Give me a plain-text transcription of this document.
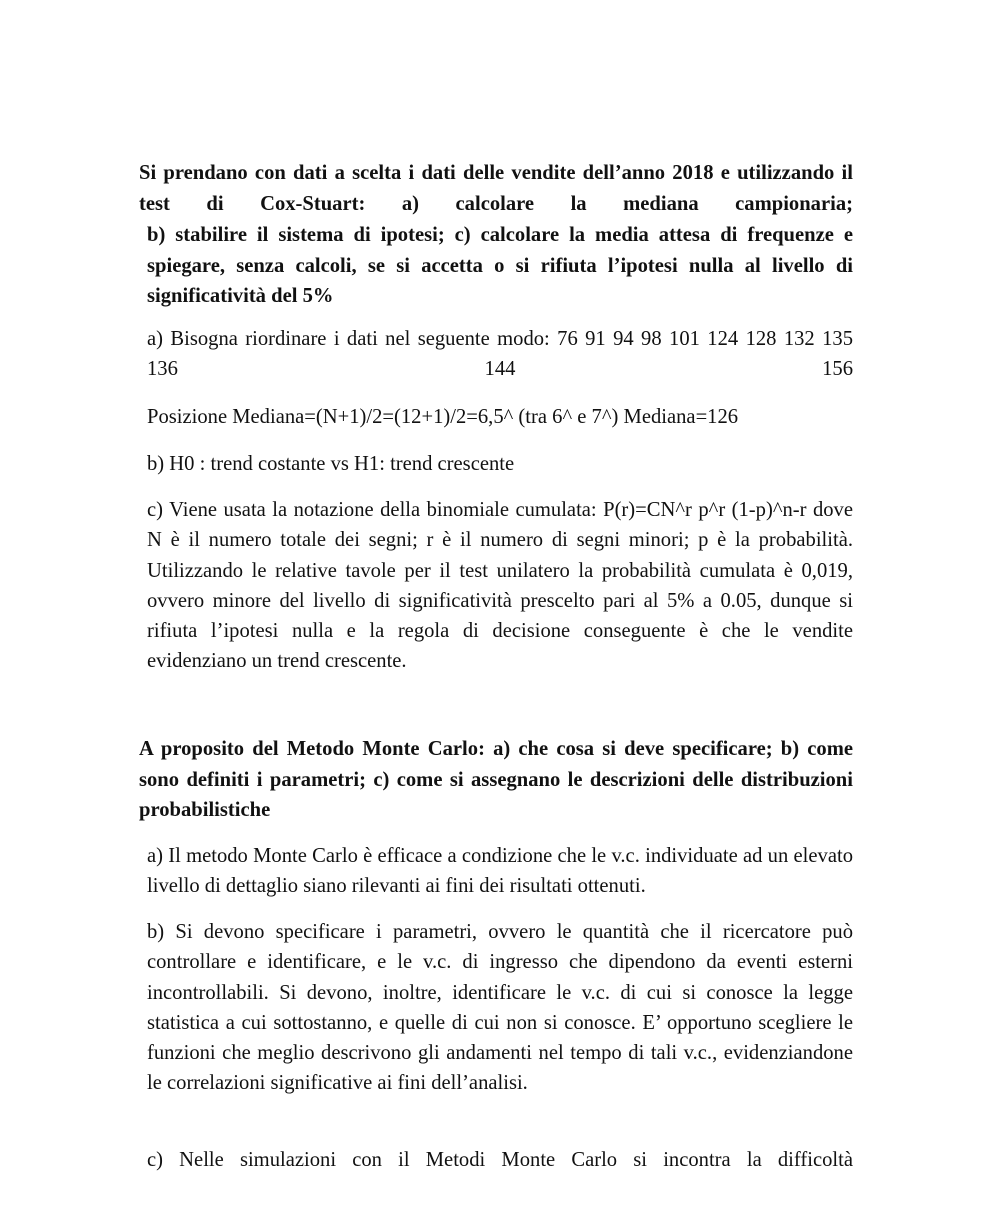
Si prendano con dati a scelta i dati delle vendite dell’anno 2018 e utilizzando il test di Cox-Stuart: a) calcolare la mediana campionaria;

b) stabilire il sistema di ipotesi; c) calcolare la media attesa di frequenze e spiegare, senza calcoli, se si accetta o si rifiuta l’ipotesi nulla al livello di significatività del 5%

a) Bisogna riordinare i dati nel seguente modo: 76 91 94 98 101 124 128 132 135 136 144 156

Posizione Mediana=(N+1)/2=(12+1)/2=6,5^ (tra 6^ e 7^) Mediana=126

b) H0 : trend costante vs H1: trend crescente

c) Viene usata la notazione della binomiale cumulata: P(r)=CN^r p^r (1-p)^n-r dove N è il numero totale dei segni; r è il numero di segni minori; p è la probabilità. Utilizzando le relative tavole per il test unilatero la probabilità cumulata è 0,019, ovvero minore del livello di significatività prescelto pari al 5% a 0.05, dunque si rifiuta l’ipotesi nulla e la regola di decisione conseguente è che le vendite evidenziano un trend crescente.

A proposito del Metodo Monte Carlo: a) che cosa si deve specificare; b) come sono definiti i parametri; c) come si assegnano le descrizioni delle distribuzioni probabilistiche

a) Il metodo Monte Carlo è efficace a condizione che le v.c. individuate ad un elevato livello di dettaglio siano rilevanti ai fini dei risultati ottenuti.

b) Si devono specificare i parametri, ovvero le quantità che il ricercatore può controllare e identificare, e le v.c. di ingresso che dipendono da eventi esterni incontrollabili. Si devono, inoltre, identificare le v.c. di cui si conosce la legge statistica a cui sottostanno, e quelle di cui non si conosce. E’ opportuno scegliere le funzioni che meglio descrivono gli andamenti nel tempo di tali v.c., evidenziandone le correlazioni significative ai fini dell’analisi.

c) Nelle simulazioni con il Metodi Monte Carlo si incontra la difficoltà
